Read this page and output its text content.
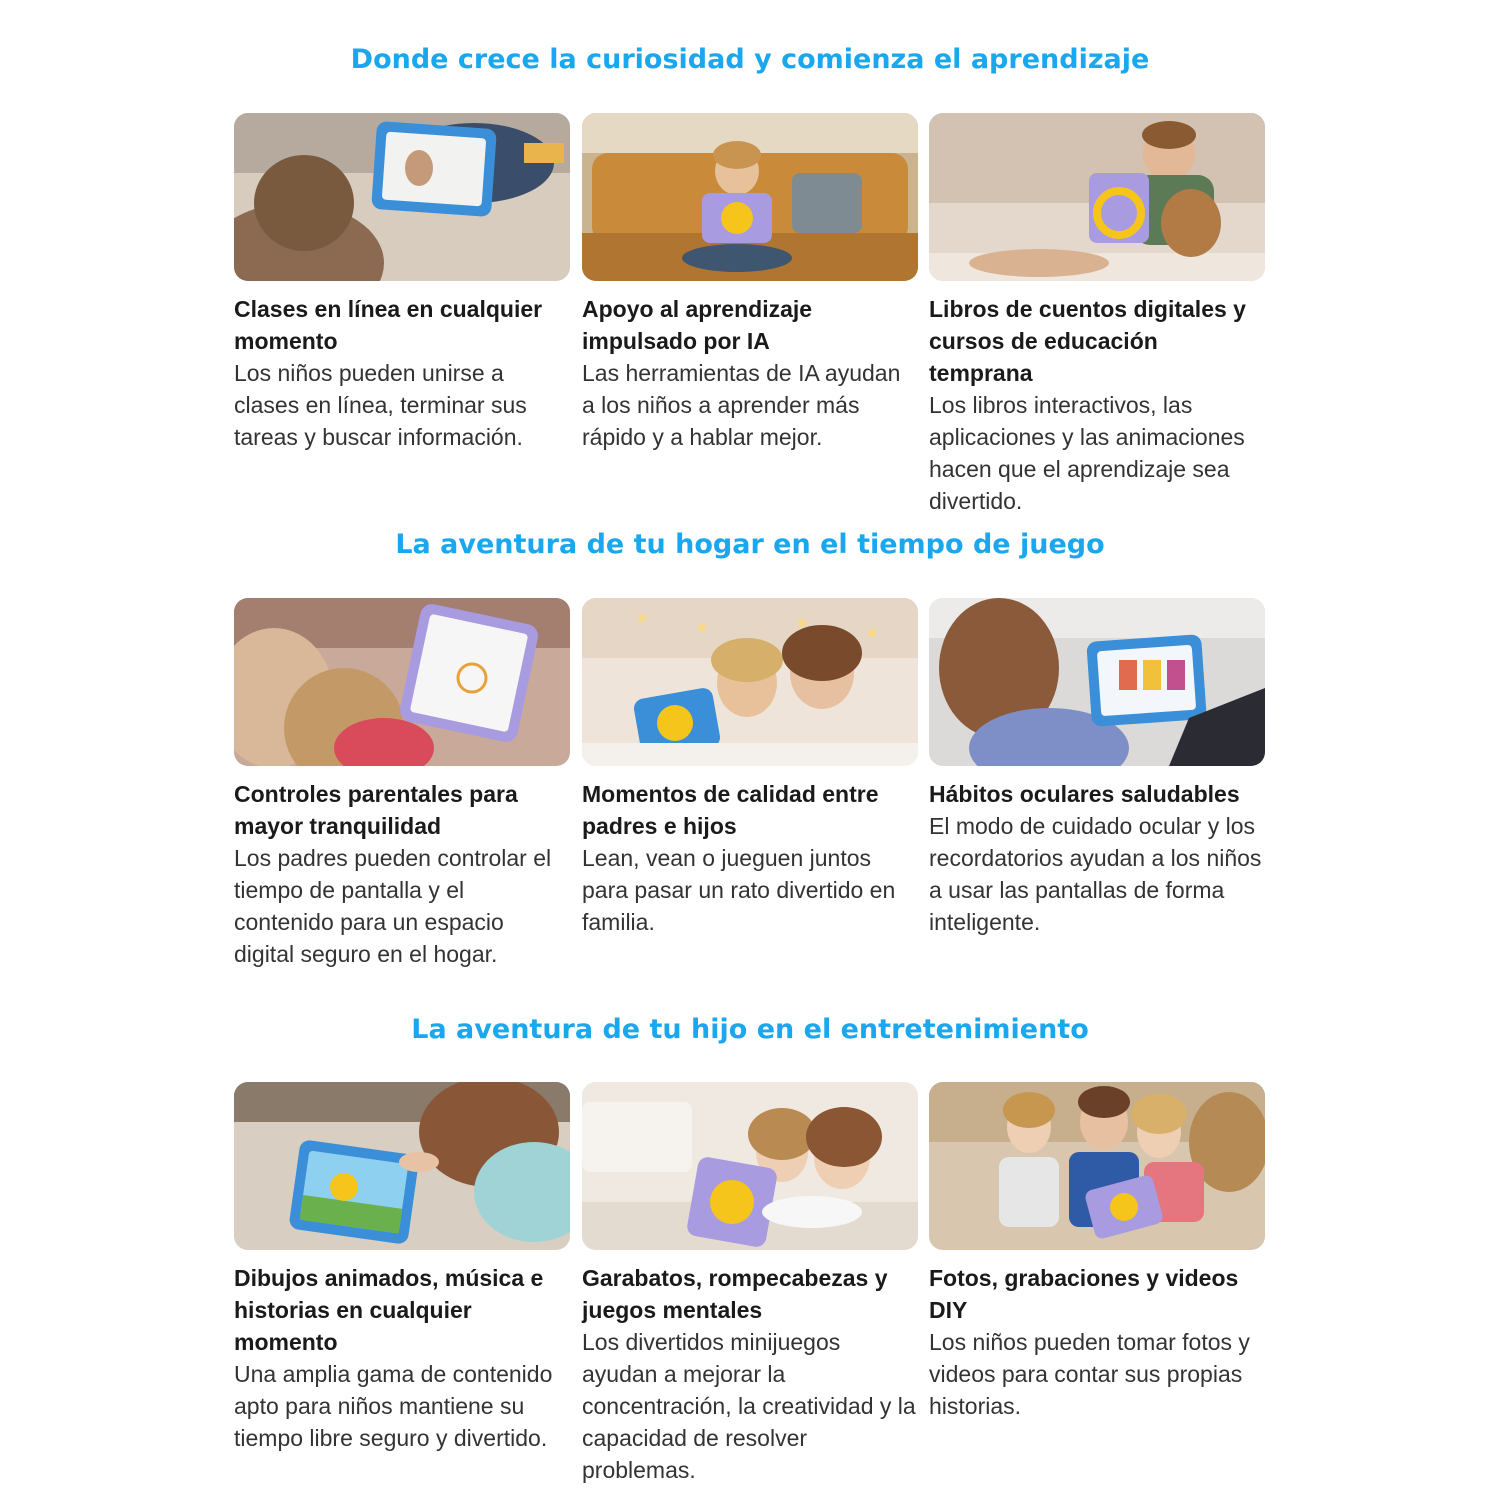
Donde crece la curiosidad y comienza el aprendizaje
Clases en línea en cualquier momento
Los niños pueden unirse a clases en línea, terminar sus tareas y buscar información.
Apoyo al aprendizaje impulsado por IA
Las herramientas de IA ayudan a los niños a aprender más rápido y a hablar mejor.
Libros de cuentos digitales y cursos de educación temprana
Los libros interactivos, las aplicaciones y las animaciones hacen que el aprendizaje sea divertido.
La aventura de tu hogar en el tiempo de juego
Controles parentales para mayor tranquilidad
Los padres pueden controlar el tiempo de pantalla y el contenido para un espacio digital seguro en el hogar.
Momentos de calidad entre padres e hijos
Lean, vean o jueguen juntos para pasar un rato divertido en familia.
Hábitos oculares saludables
El modo de cuidado ocular y los recordatorios ayudan a los niños a usar las pantallas de forma inteligente.
La aventura de tu hijo en el entretenimiento
Dibujos animados, música e historias en cualquier momento
Una amplia gama de contenido apto para niños mantiene su tiempo libre seguro y divertido.
Garabatos, rompecabezas y juegos mentales
Los divertidos minijuegos ayudan a mejorar la concentración, la creatividad y la capacidad de resolver problemas.
Fotos, grabaciones y videos DIY
Los niños pueden tomar fotos y videos para contar sus propias historias.
